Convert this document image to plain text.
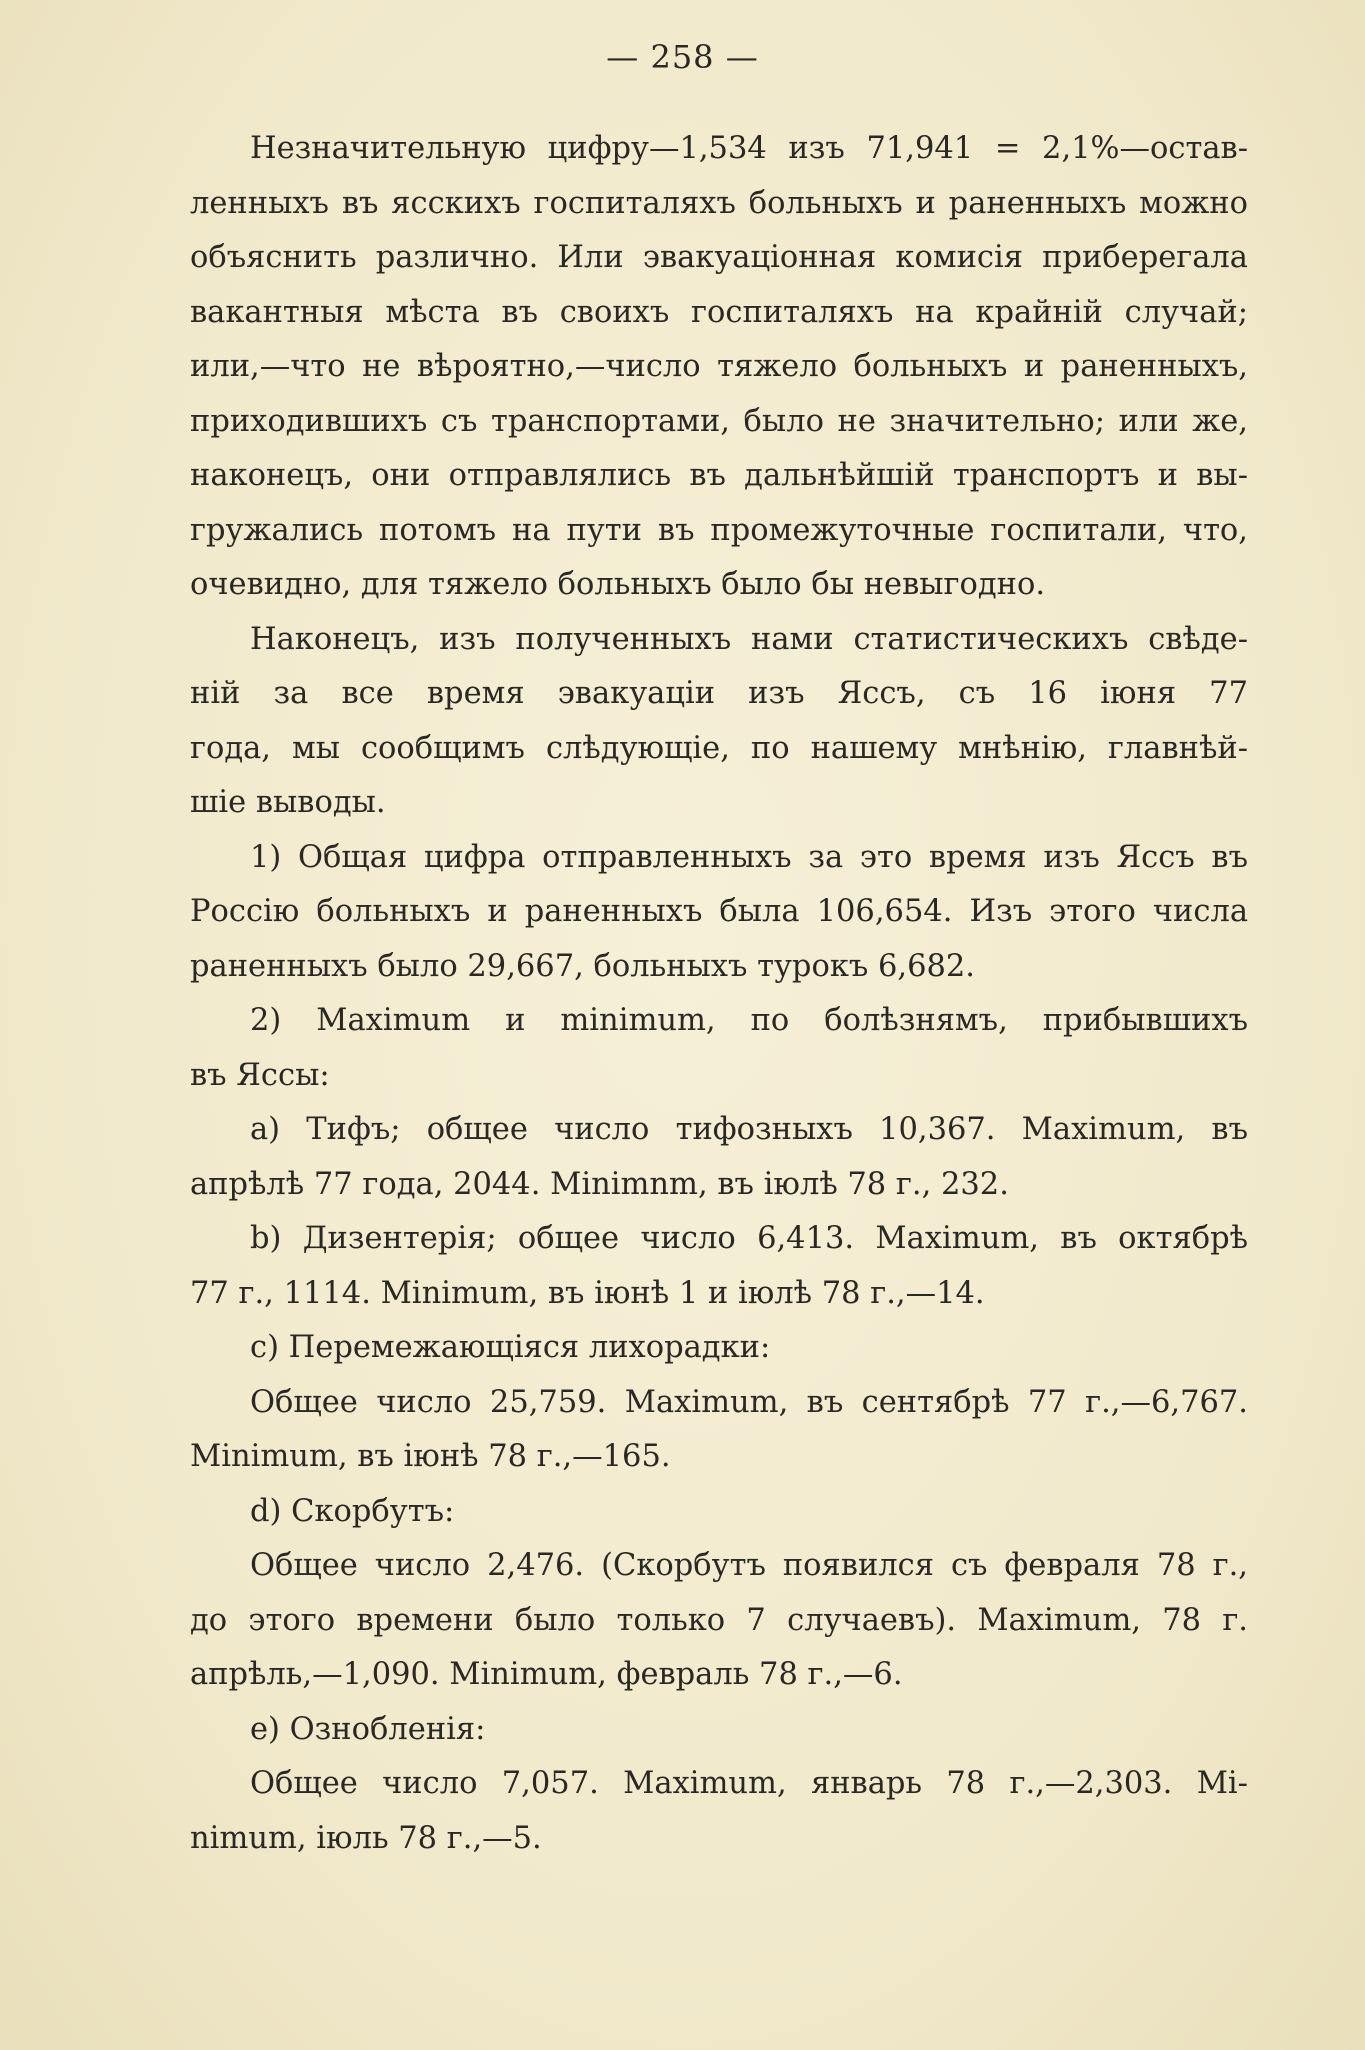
— 258 —
Незначительную цифру—1,534 изъ 71,941 = 2,1%—остав-
ленныхъ въ ясскихъ госпиталяхъ больныхъ и раненныхъ можно
объяснить различно. Или эвакуаціонная комисія приберегала
вакантныя мѣста въ своихъ госпиталяхъ на крайній случай;
или,—что не вѣроятно,—число тяжело больныхъ и раненныхъ,
приходившихъ съ транспортами, было не значительно; или же,
наконецъ, они отправлялись въ дальнѣйшій транспортъ и вы-
гружались потомъ на пути въ промежуточные госпитали, что,
очевидно, для тяжело больныхъ было бы невыгодно.
Наконецъ, изъ полученныхъ нами статистическихъ свѣде-
ній за все время эвакуаціи изъ Яссъ, съ 16 іюня 77
года, мы сообщимъ слѣдующіе, по нашему мнѣнію, главнѣй-
шіе выводы.
1) Общая цифра отправленныхъ за это время изъ Яссъ въ
Россію больныхъ и раненныхъ была 106,654. Изъ этого числа
раненныхъ было 29,667, больныхъ турокъ 6,682.
2) Maximum и minimum, по болѣзнямъ, прибывшихъ
въ Яссы:
a) Тифъ; общее число тифозныхъ 10,367. Maximum, въ
апрѣлѣ 77 года, 2044. Minimnm, въ іюлѣ 78 г., 232.
b) Дизентерія; общее число 6,413. Maximum, въ октябрѣ
77 г., 1114. Minimum, въ іюнѣ 1 и іюлѣ 78 г.,—14.
c) Перемежающіяся лихорадки:
Общее число 25,759. Maximum, въ сентябрѣ 77 г.,—6,767.
Minimum, въ іюнѣ 78 г.,—165.
d) Скорбутъ:
Общее число 2,476. (Скорбутъ появился съ февраля 78 г.,
до этого времени было только 7 случаевъ). Maximum, 78 г.
апрѣль,—1,090. Minimum, февраль 78 г.,—6.
e) Ознобленія:
Общее число 7,057. Maximum, январь 78 г.,—2,303. Mi-
nimum, іюль 78 г.,—5.
